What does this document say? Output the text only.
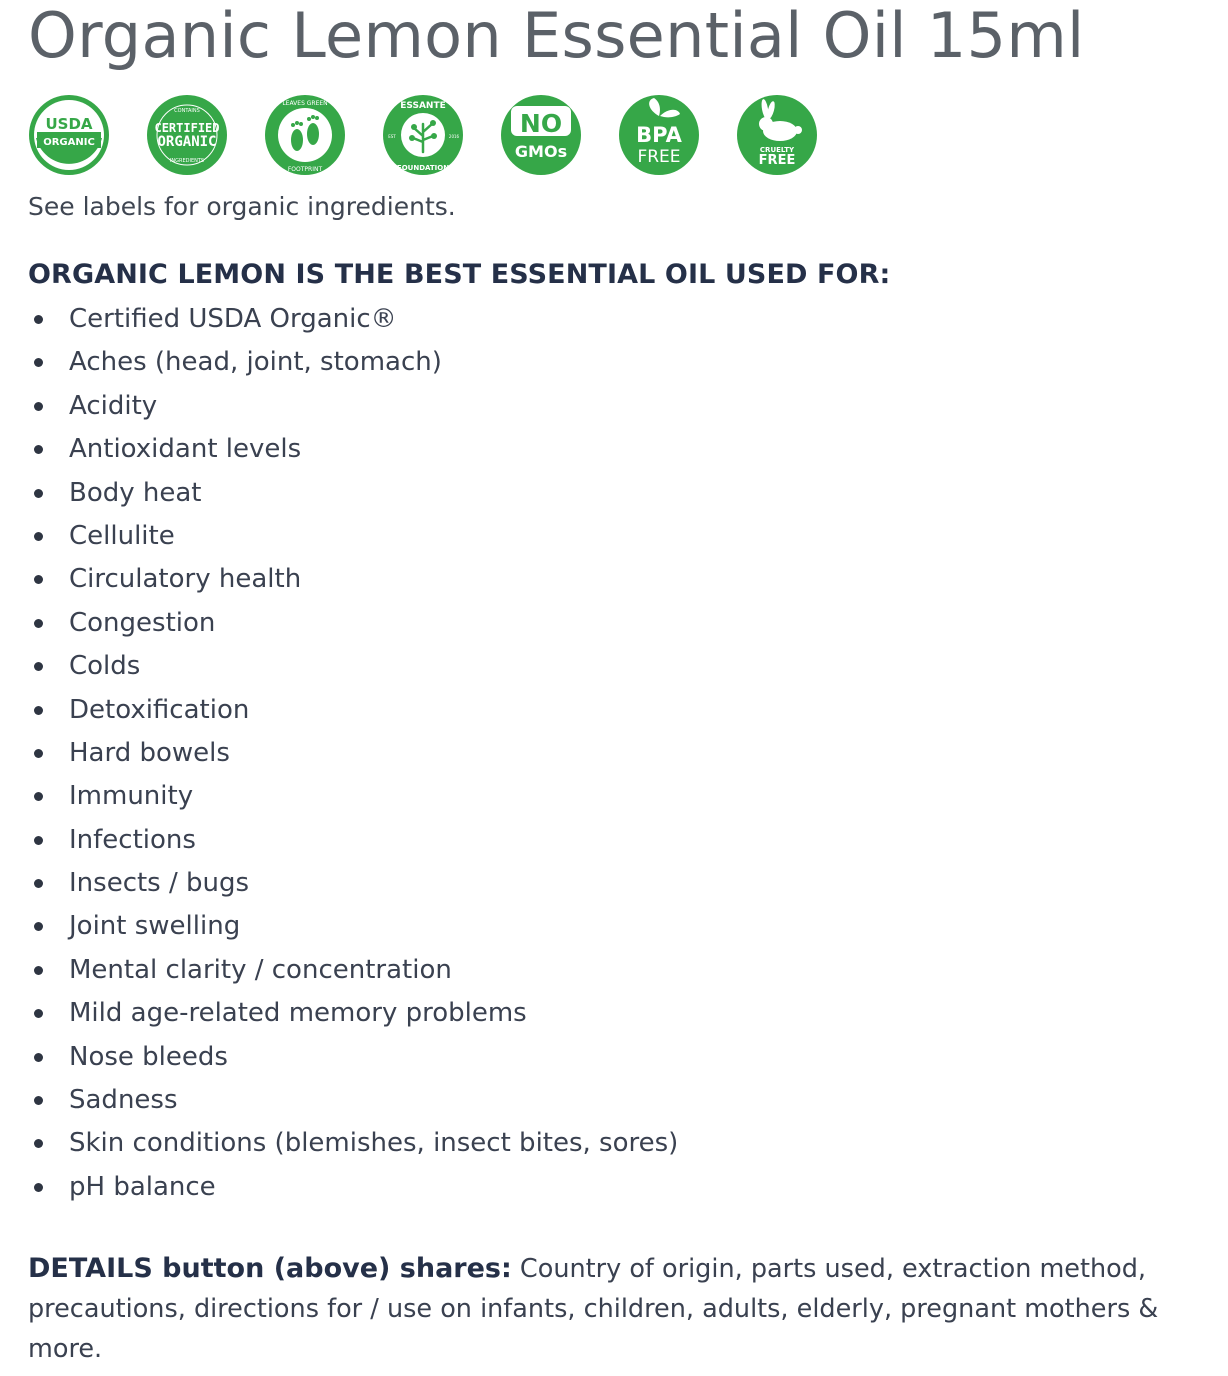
Organic Lemon Essential Oil 15ml
USDA
ORGANIC
CONTAINS
CERTIFIED
ORGANIC
INGREDIENTS
LEAVES GREEN
FOOTPRINT
ESSANTE
FOUNDATION
EST	2016 NO
GMOs
BPA
FREE	CRUELTY
FREE

See labels for organic ingredients.

ORGANIC LEMON IS THE BEST ESSENTIAL OIL USED FOR:
Certified USDA Organic®
Aches (head, joint, stomach)
Acidity
Antioxidant levels
Body heat
Cellulite
Circulatory health
Congestion
Colds
Detoxification
Hard bowels
Immunity
Infections
Insects / bugs
Joint swelling
Mental clarity / concentration
Mild age-related memory problems
Nose bleeds
Sadness
Skin conditions (blemishes, insect bites, sores)
pH balance

DETAILS button (above) shares: Country of origin, parts used, extraction method, precautions, directions for / use on infants, children, adults, elderly, pregnant mothers & more.
